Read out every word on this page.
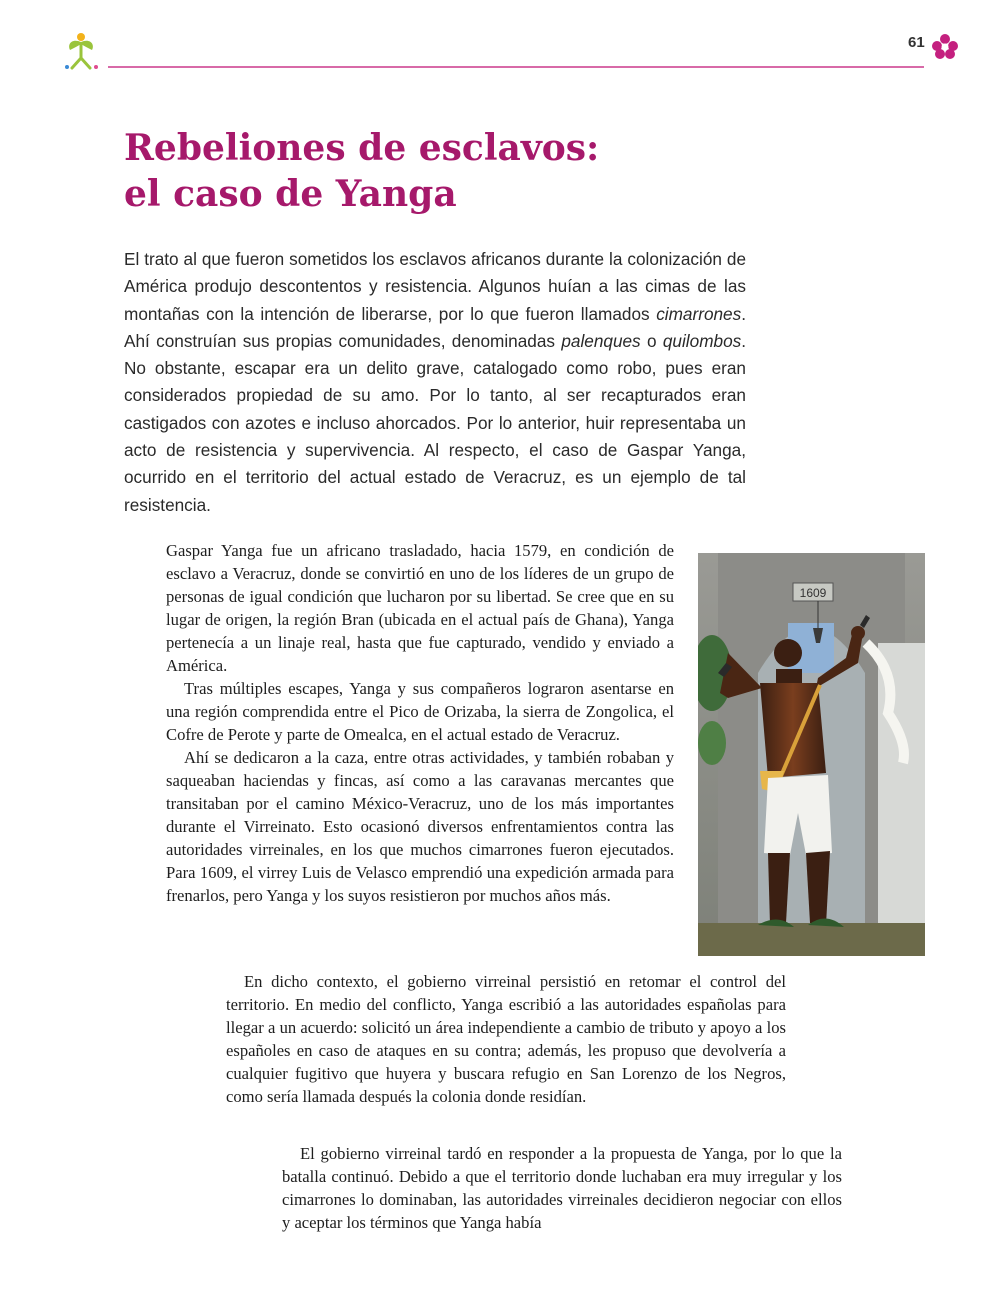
61
Rebeliones de esclavos:
el caso de Yanga

El trato al que fueron sometidos los esclavos africanos durante la colonización de América produjo descontentos y resistencia. Algunos huían a las cimas de las montañas con la intención de liberarse, por lo que fueron llamados cimarrones. Ahí construían sus propias comunidades, denominadas palenques o quilombos. No obstante, escapar era un delito grave, catalogado como robo, pues eran considerados propiedad de su amo. Por lo tanto, al ser recapturados eran castigados con azotes e incluso ahorcados. Por lo anterior, huir representaba un acto de resistencia y supervivencia. Al respecto, el caso de Gaspar Yanga, ocurrido en el territorio del actual estado de Veracruz, es un ejemplo de tal resistencia.

Gaspar Yanga fue un africano trasladado, hacia 1579, en condición de esclavo a Veracruz, donde se convirtió en uno de los líderes de un grupo de personas de igual condición que lucharon por su libertad. Se cree que en su lugar de origen, la región Bran (ubicada en el actual país de Ghana), Yanga pertenecía a un linaje real, hasta que fue capturado, vendido y enviado a América.

Tras múltiples escapes, Yanga y sus compañeros lograron asentarse en una región comprendida entre el Pico de Orizaba, la sierra de Zongolica, el Cofre de Perote y parte de Omealca, en el actual estado de Veracruz.

Ahí se dedicaron a la caza, entre otras actividades, y también robaban y saqueaban haciendas y fincas, así como a las caravanas mercantes que transitaban por el camino México-Veracruz, uno de los más importantes durante el Virreinato. Esto ocasionó diversos enfrentamientos contra las autoridades virreinales, en los que muchos cimarrones fueron ejecutados. Para 1609, el virrey Luis de Velasco emprendió una expedición armada para frenarlos, pero Yanga y los suyos resistieron por muchos años más.

1609

En dicho contexto, el gobierno virreinal persistió en retomar el control del territorio. En medio del conflicto, Yanga escribió a las autoridades españolas para llegar a un acuerdo: solicitó un área independiente a cambio de tributo y apoyo a los españoles en caso de ataques en su contra; además, les propuso que devolvería a cualquier fugitivo que huyera y buscara refugio en San Lorenzo de los Negros, como sería llamada después la colonia donde residían.

El gobierno virreinal tardó en responder a la propuesta de Yanga, por lo que la batalla continuó. Debido a que el territorio donde luchaban era muy irregular y los cimarrones lo dominaban, las autoridades virreinales decidieron negociar con ellos y aceptar los términos que Yanga había
